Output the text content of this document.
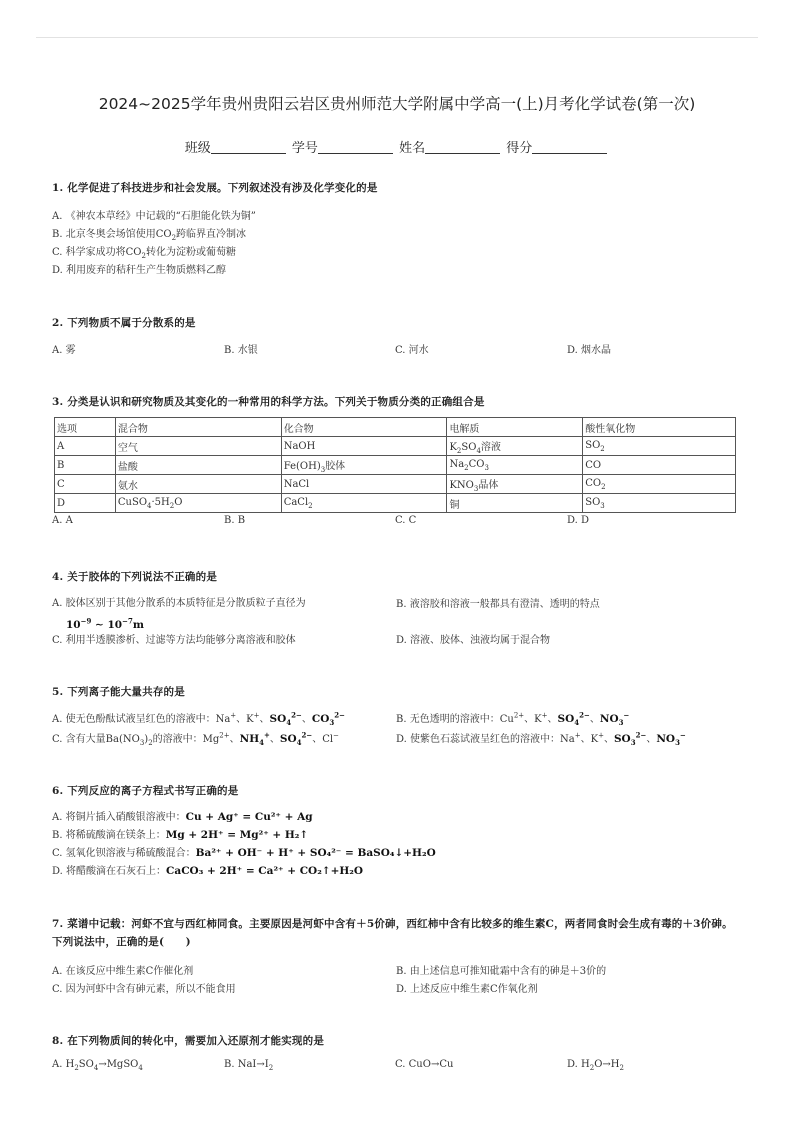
2024~2025学年贵州贵阳云岩区贵州师范大学附属中学高一(上)月考化学试卷(第一次)
班级	学号	姓名	得分
1. 化学促进了科技进步和社会发展。下列叙述没有涉及化学变化的是
A. 《神农本草经》中记载的“石胆能化铁为铜”
B. 北京冬奥会场馆使用$CO_2$跨临界直冷制冰
C. 科学家成功将$CO_2$转化为淀粉或葡萄糖
D. 利用废弃的秸秆生产生物质燃料乙醇
2. 下列物质不属于分散系的是
A. 雾	B. 水银	C. 河水	D. 烟水晶
3. 分类是认识和研究物质及其变化的一种常用的科学方法。下列关于物质分类的正确组合是
选项	混合物	化合物	电解质	酸性氧化物
A	空气	NaOH	$K_2SO_4$溶液	$SO_2$
B	盐酸	$Fe(OH)_3$胶体	$Na_2CO_3$	CO
C	氨水	NaCl	$KNO_3$晶体	$CO_2$
D	$CuSO_4\cdot 5H_2O$	CaCl$_2$	铜	$SO_3$
A. A	B. B	C. C	D. D
4. 关于胶体的下列说法不正确的是
A. 胶体区别于其他分散系的本质特征是分散质粒子直径为
$10^{-9}$ ∼ $10^{-7}m$
B. 液溶胶和溶液一般都具有澄清、透明的特点
C. 利用半透膜渗析、过滤等方法均能够分离溶液和胶体	D. 溶液、胶体、浊液均属于混合物
5. 下列离子能大量共存的是
A. 使无色酚酞试液呈红色的溶液中：Na+、K+、$SO_4^{2-}$、$CO_3^{2-}$	B. 无色透明的溶液中：$Cu^{2+}$、K+、$SO_4^{2-}$、$NO_3^-$
C. 含有大量$Ba(NO_3)_2$的溶液中：$Mg^{2+}$、$NH_4^+$、$SO_4^{2-}$、Cl−	D. 使紫色石蕊试液呈红色的溶液中：Na+、K+、$SO_3^{2-}$、$NO_3^-$
6. 下列反应的离子方程式书写正确的是
A. 将铜片插入硝酸银溶液中：Cu + Ag⁺ = Cu²⁺ + Ag
B. 将稀硫酸滴在镁条上：Mg + 2H⁺ = Mg²⁺ + H₂↑
C. 氢氧化钡溶液与稀硫酸混合：Ba²⁺ + OH⁻ + H⁺ + SO₄²⁻ = BaSO₄↓+H₂O
D. 将醋酸滴在石灰石上：CaCO₃ + 2H⁺ = Ca²⁺ + CO₂↑+H₂O
7. 菜谱中记载：河虾不宜与西红柿同食。主要原因是河虾中含有＋5价砷，西红柿中含有比较多的维生素C，两者同食时会生成有毒的＋3价砷。下列说法中，正确的是(　　)
A. 在该反应中维生素C作催化剂	B. 由上述信息可推知砒霜中含有的砷是＋3价的
C. 因为河虾中含有砷元素，所以不能食用	D. 上述反应中维生素C作氧化剂
8. 在下列物质间的转化中，需要加入还原剂才能实现的是
A. $H_2SO_4\to MgSO_4$	B. $NaI\to I_2$	C. CuO→Cu	D. $H_2O\to H_2$
